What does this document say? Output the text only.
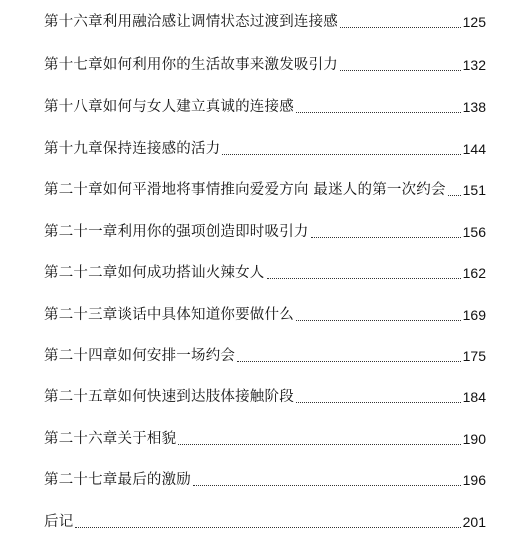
第十六章利用融洽感让调情状态过渡到连接感	125
第十七章如何利用你的生活故事来激发吸引力	132
第十八章如何与女人建立真诚的连接感	138
第十九章保持连接感的活力	144
第二十章如何平滑地将事情推向爱爱方向 最迷人的第一次约会 151
第二十一章利用你的强项创造即时吸引力	156
第二十二章如何成功搭讪火辣女人	162
第二十三章谈话中具体知道你要做什么	169
第二十四章如何安排一场约会	175
第二十五章如何快速到达肢体接触阶段	184
第二十六章关于相貌	190
第二十七章最后的激励	196
后记	201
